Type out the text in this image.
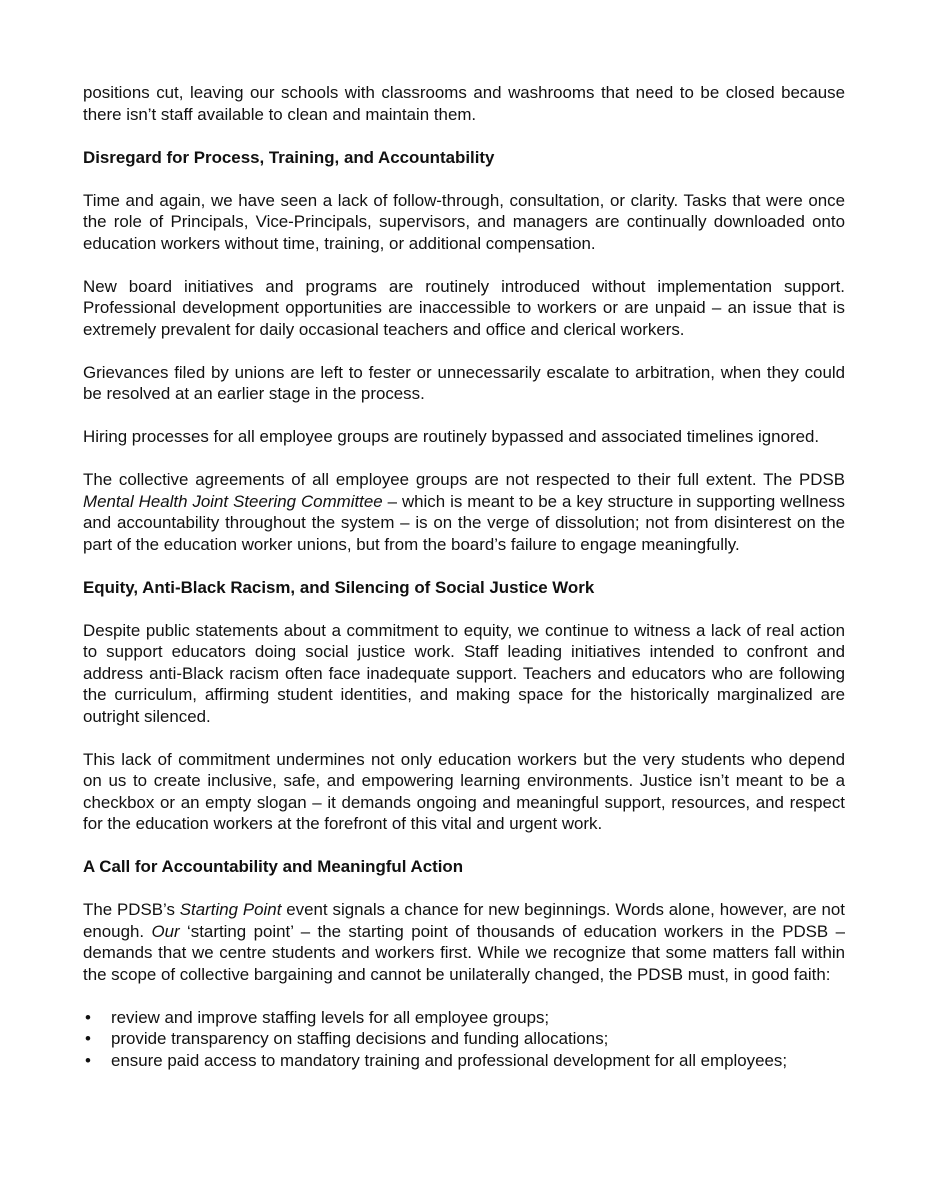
positions cut, leaving our schools with classrooms and washrooms that need to be closed because there isn’t staff available to clean and maintain them.

Disregard for Process, Training, and Accountability

Time and again, we have seen a lack of follow-through, consultation, or clarity. Tasks that were once the role of Principals, Vice-Principals, supervisors, and managers are continually downloaded onto education workers without time, training, or additional compensation.

New board initiatives and programs are routinely introduced without implementation support. Professional development opportunities are inaccessible to workers or are unpaid – an issue that is extremely prevalent for daily occasional teachers and office and clerical workers.

Grievances filed by unions are left to fester or unnecessarily escalate to arbitration, when they could be resolved at an earlier stage in the process.

Hiring processes for all employee groups are routinely bypassed and associated timelines ignored.

The collective agreements of all employee groups are not respected to their full extent. The PDSB Mental Health Joint Steering Committee – which is meant to be a key structure in supporting wellness and accountability throughout the system – is on the verge of dissolution; not from disinterest on the part of the education worker unions, but from the board’s failure to engage meaningfully.

Equity, Anti-Black Racism, and Silencing of Social Justice Work

Despite public statements about a commitment to equity, we continue to witness a lack of real action to support educators doing social justice work. Staff leading initiatives intended to confront and address anti-Black racism often face inadequate support. Teachers and educators who are following the curriculum, affirming student identities, and making space for the historically marginalized are outright silenced.

This lack of commitment undermines not only education workers but the very students who depend on us to create inclusive, safe, and empowering learning environments. Justice isn’t meant to be a checkbox or an empty slogan – it demands ongoing and meaningful support, resources, and respect for the education workers at the forefront of this vital and urgent work.

A Call for Accountability and Meaningful Action

The PDSB’s Starting Point event signals a chance for new beginnings. Words alone, however, are not enough. Our ‘starting point’ – the starting point of thousands of education workers in the PDSB – demands that we centre students and workers first. While we recognize that some matters fall within the scope of collective bargaining and cannot be unilaterally changed, the PDSB must, in good faith:

• review and improve staffing levels for all employee groups;
• provide transparency on staffing decisions and funding allocations;
• ensure paid access to mandatory training and professional development for all employees;
